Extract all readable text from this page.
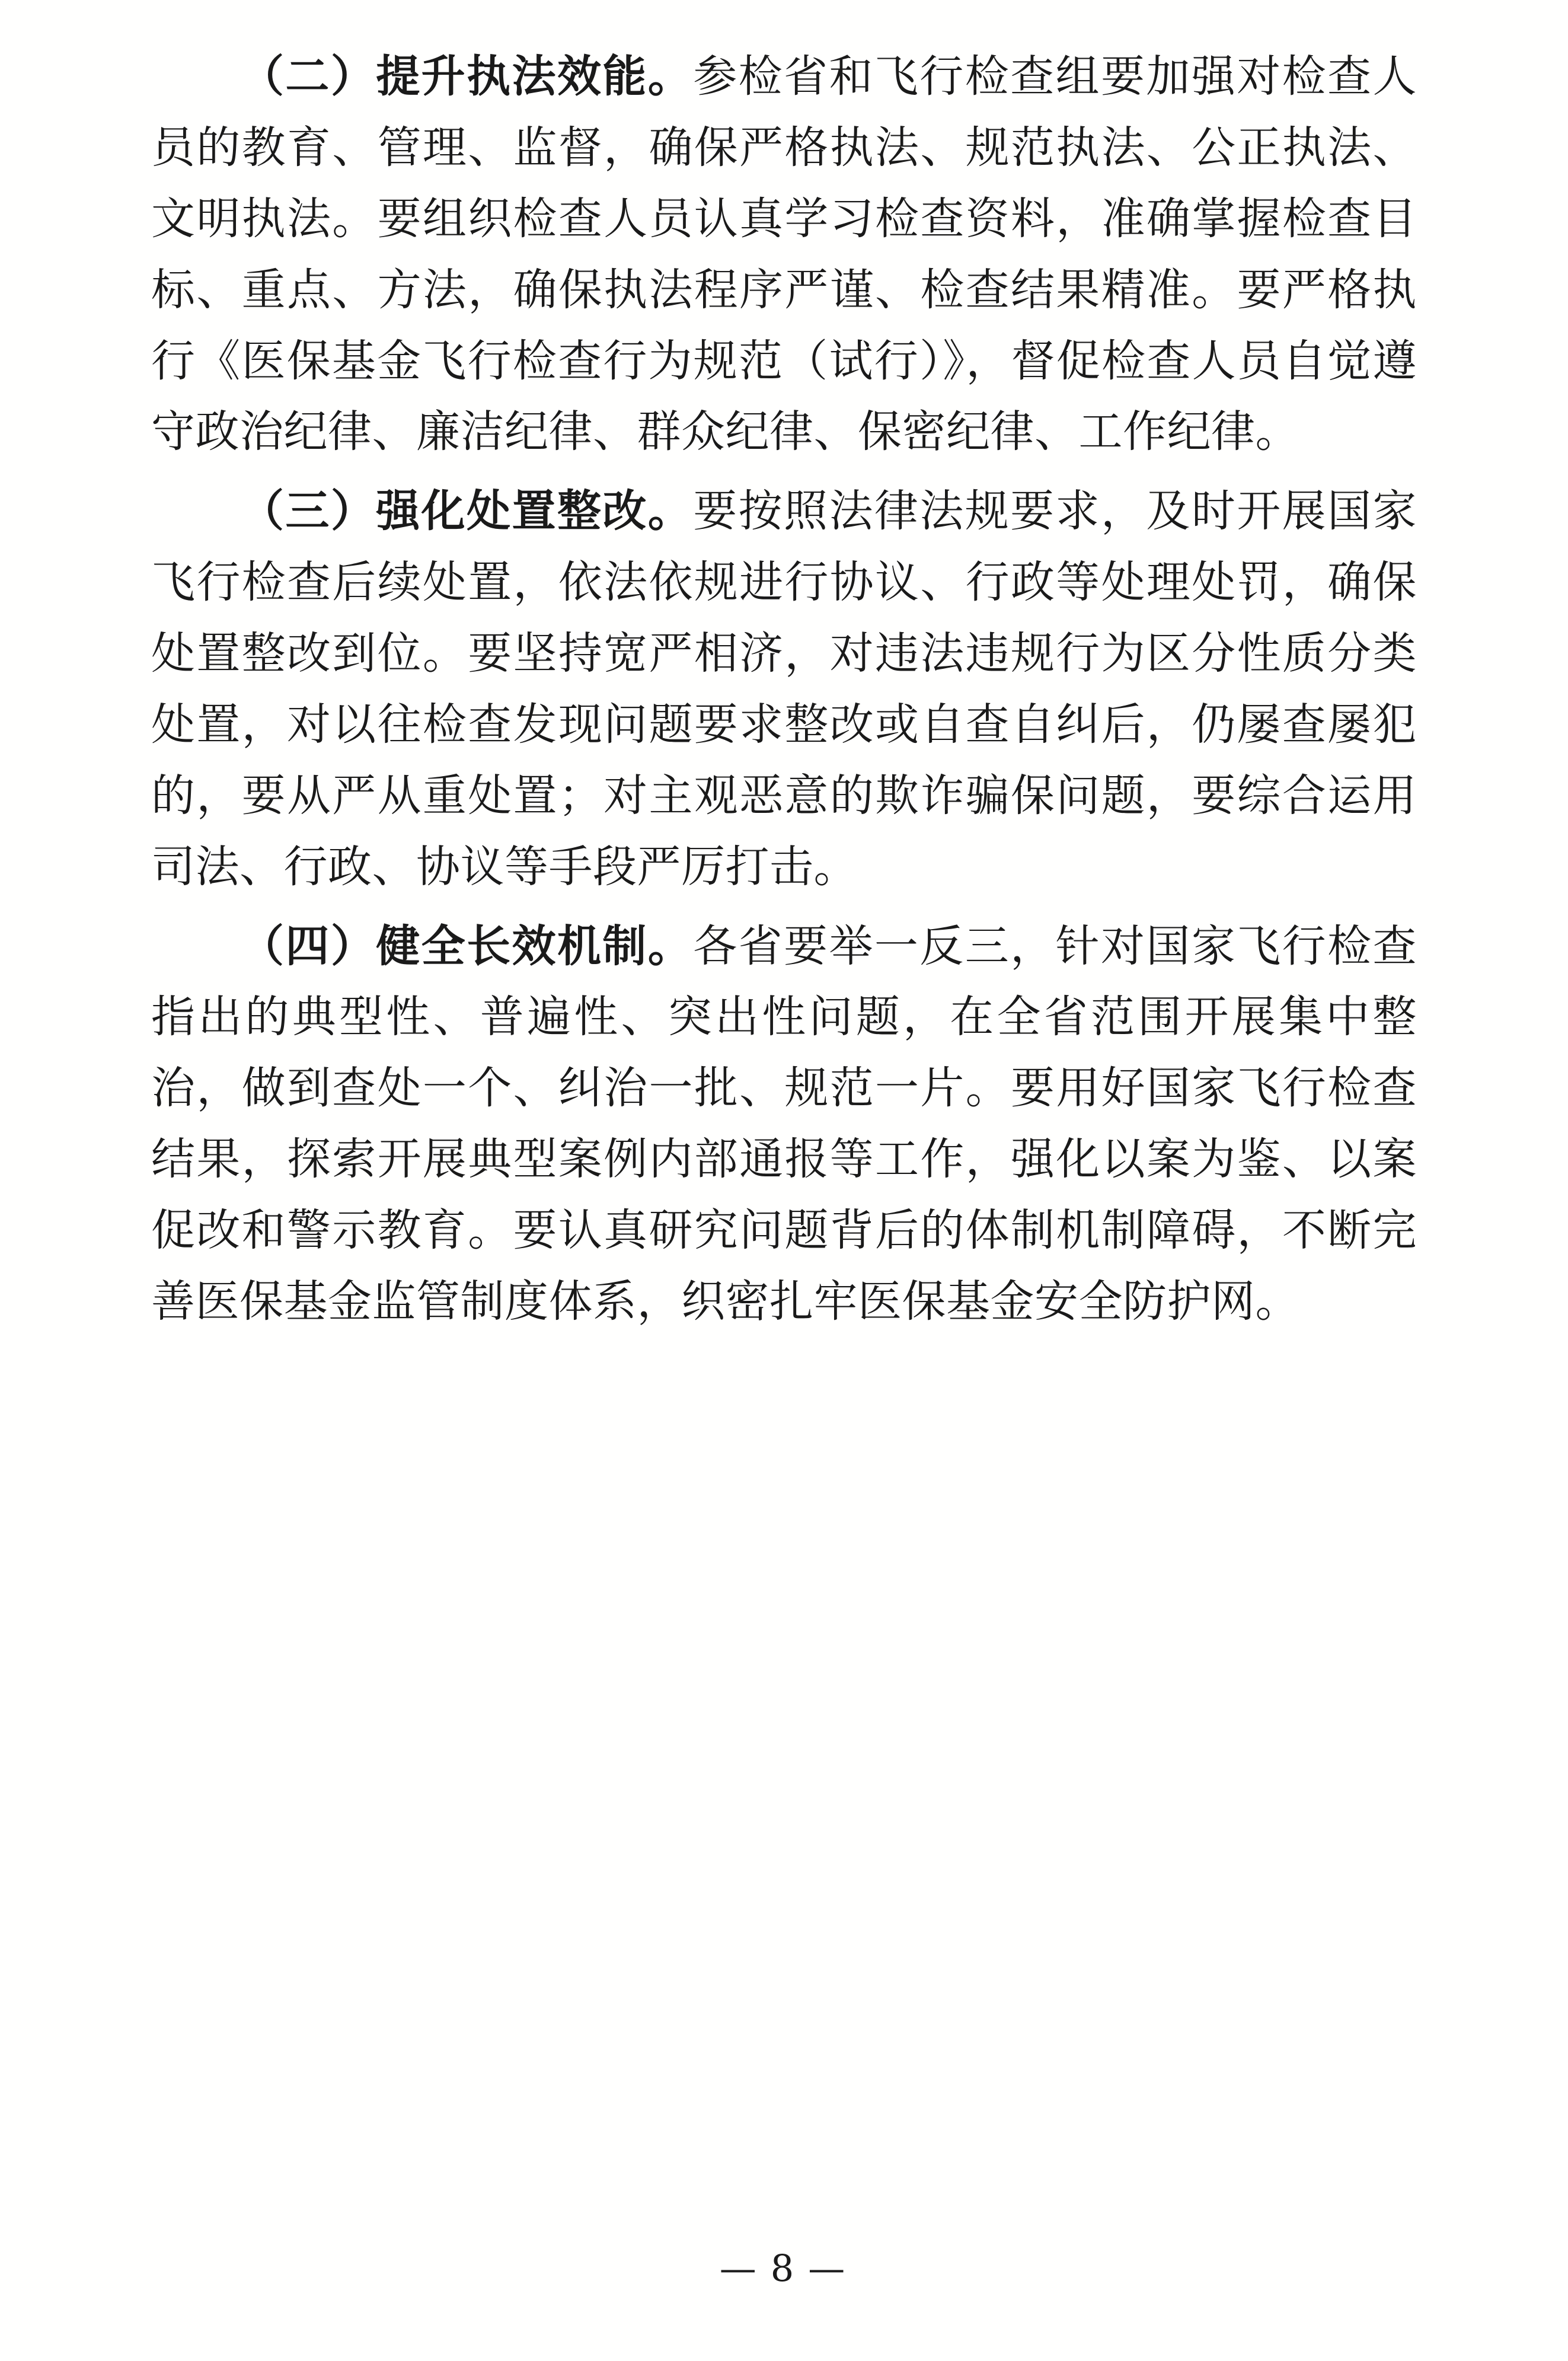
（二）提升执法效能。参检省和飞行检查组要加强对检查人员的教育、管理、监督，确保严格执法、规范执法、公正执法、文明执法。要组织检查人员认真学习检查资料，准确掌握检查目标、重点、方法，确保执法程序严谨、检查结果精准。要严格执行《医保基金飞行检查行为规范（试行）》，督促检查人员自觉遵守政治纪律、廉洁纪律、群众纪律、保密纪律、工作纪律。

（三）强化处置整改。要按照法律法规要求，及时开展国家飞行检查后续处置，依法依规进行协议、行政等处理处罚，确保处置整改到位。要坚持宽严相济，对违法违规行为区分性质分类处置，对以往检查发现问题要求整改或自查自纠后，仍屡查屡犯的，要从严从重处置；对主观恶意的欺诈骗保问题，要综合运用司法、行政、协议等手段严厉打击。

（四）健全长效机制。各省要举一反三，针对国家飞行检查指出的典型性、普遍性、突出性问题，在全省范围开展集中整治，做到查处一个、纠治一批、规范一片。要用好国家飞行检查结果，探索开展典型案例内部通报等工作，强化以案为鉴、以案促改和警示教育。要认真研究问题背后的体制机制障碍，不断完善医保基金监管制度体系，织密扎牢医保基金安全防护网。

— 8 —
